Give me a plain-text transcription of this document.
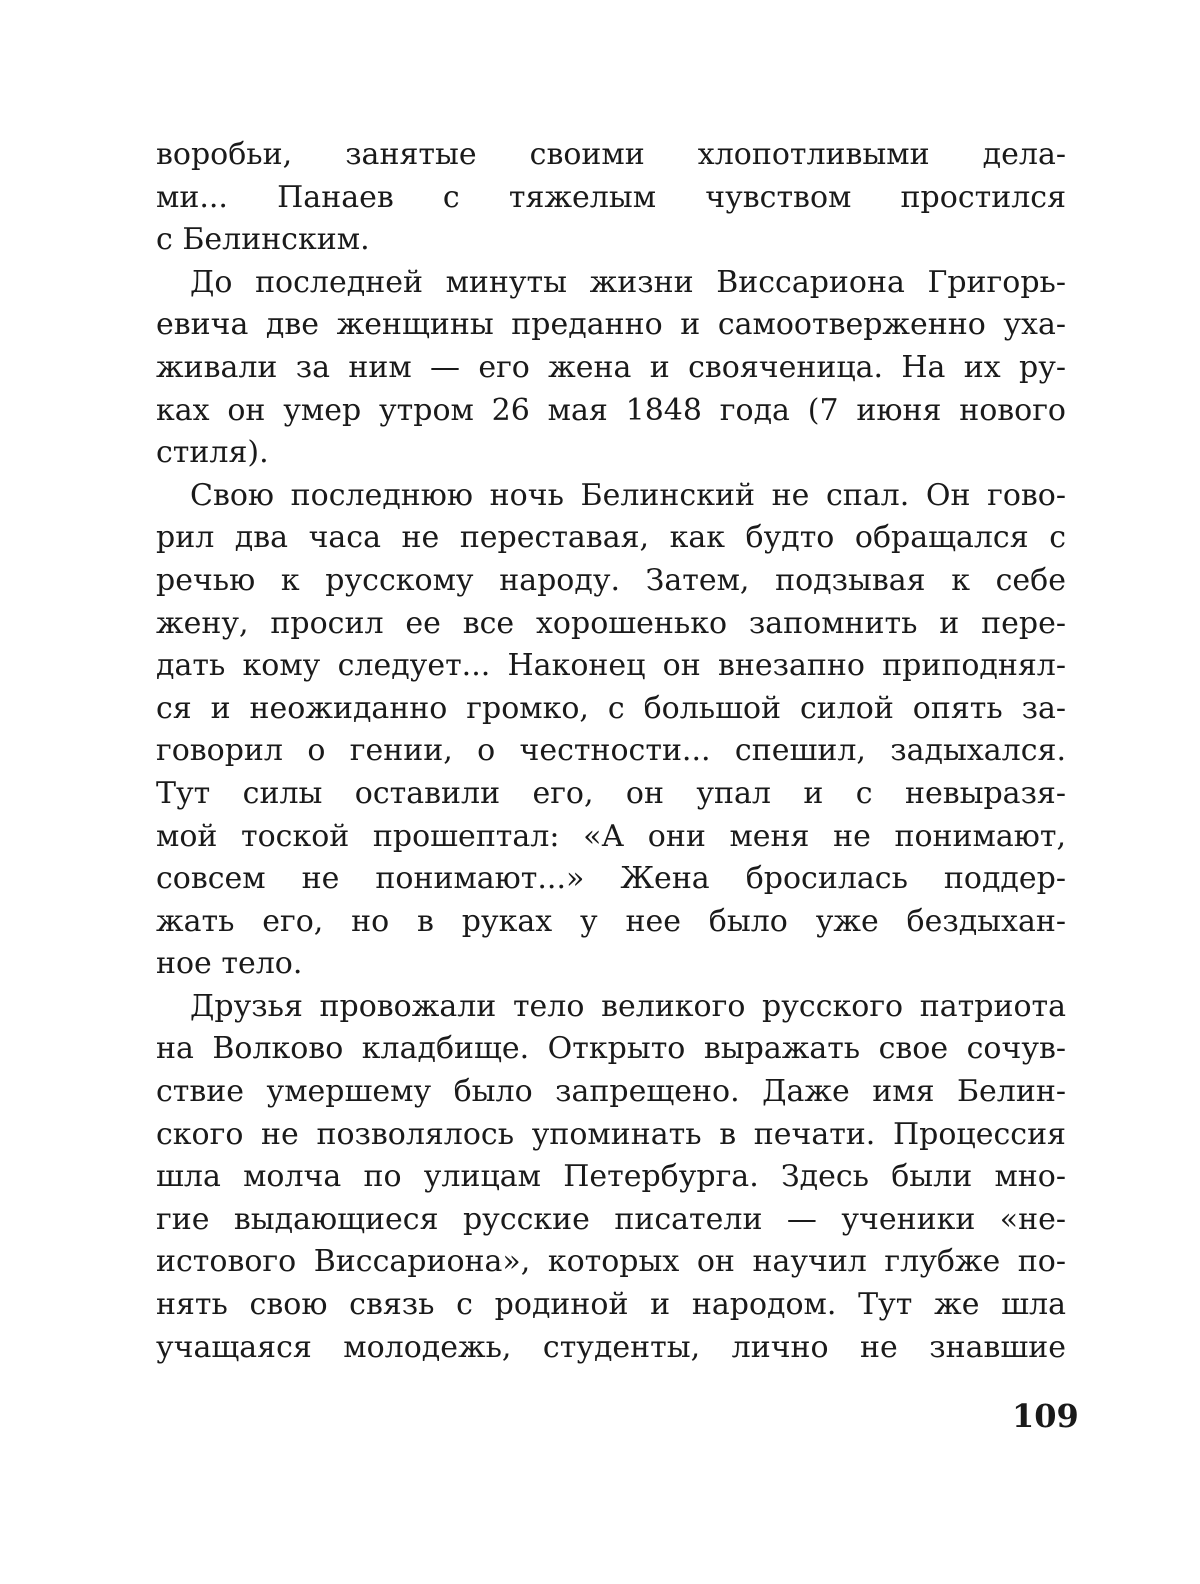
воробьи, занятые своими хлопотливыми дела-
ми... Панаев с тяжелым чувством простился
с Белинским.
До последней минуты жизни Виссариона Григорь-
евича две женщины преданно и самоотверженно уха-
живали за ним — его жена и свояченица. На их ру-
ках он умер утром 26 мая 1848 года (7 июня нового
стиля).
Свою последнюю ночь Белинский не спал. Он гово-
рил два часа не переставая, как будто обращался с
речью к русскому народу. Затем, подзывая к себе
жену, просил ее все хорошенько запомнить и пере-
дать кому следует... Наконец он внезапно приподнял-
ся и неожиданно громко, с большой силой опять за-
говорил о гении, о честности... спешил, задыхался.
Тут силы оставили его, он упал и с невыразя-
мой тоской прошептал: «А они меня не понимают,
совсем не понимают...» Жена бросилась поддер-
жать его, но в руках у нее было уже бездыхан-
ное тело.
Друзья провожали тело великого русского патриота
на Волково кладбище. Открыто выражать свое сочув-
ствие умершему было запрещено. Даже имя Белин-
ского не позволялось упоминать в печати. Процессия
шла молча по улицам Петербурга. Здесь были мно-
гие выдающиеся русские писатели — ученики «не-
истового Виссариона», которых он научил глубже по-
нять свою связь с родиной и народом. Тут же шла
учащаяся молодежь, студенты, лично не знавшие
109
